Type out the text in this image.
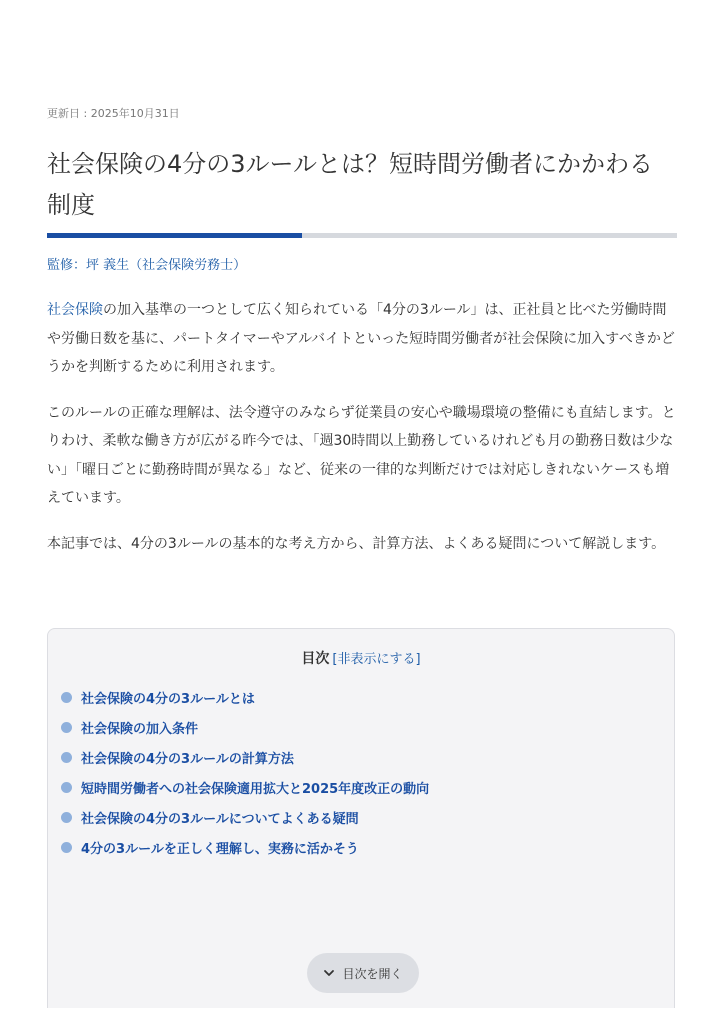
更新日 : 2025年10月31日
社会保険の4分の3ルールとは？短時間労働者にかかわる制度
監修：坪 義生（社会保険労務士）

社会保険の加入基準の一つとして広く知られている「4分の3ルール」は、正社員と比べた労働時間や労働日数を基に、パートタイマーやアルバイトといった短時間労働者が社会保険に加入すべきかどうかを判断するために利用されます。

このルールの正確な理解は、法令遵守のみならず従業員の安心や職場環境の整備にも直結します。とりわけ、柔軟な働き方が広がる昨今では、「週30時間以上勤務しているけれども月の勤務日数は少ない」「曜日ごとに勤務時間が異なる」など、従来の一律的な判断だけでは対応しきれないケースも増えています。

本記事では、4分の3ルールの基本的な考え方から、計算方法、よくある疑問について解説します。

目次 [非表示にする]
社会保険の4分の3ルールとは
社会保険の加入条件
社会保険の4分の3ルールの計算方法
短時間労働者への社会保険適用拡大と2025年度改正の動向
社会保険の4分の3ルールについてよくある疑問
4分の3ルールを正しく理解し、実務に活かそう
目次を開く
